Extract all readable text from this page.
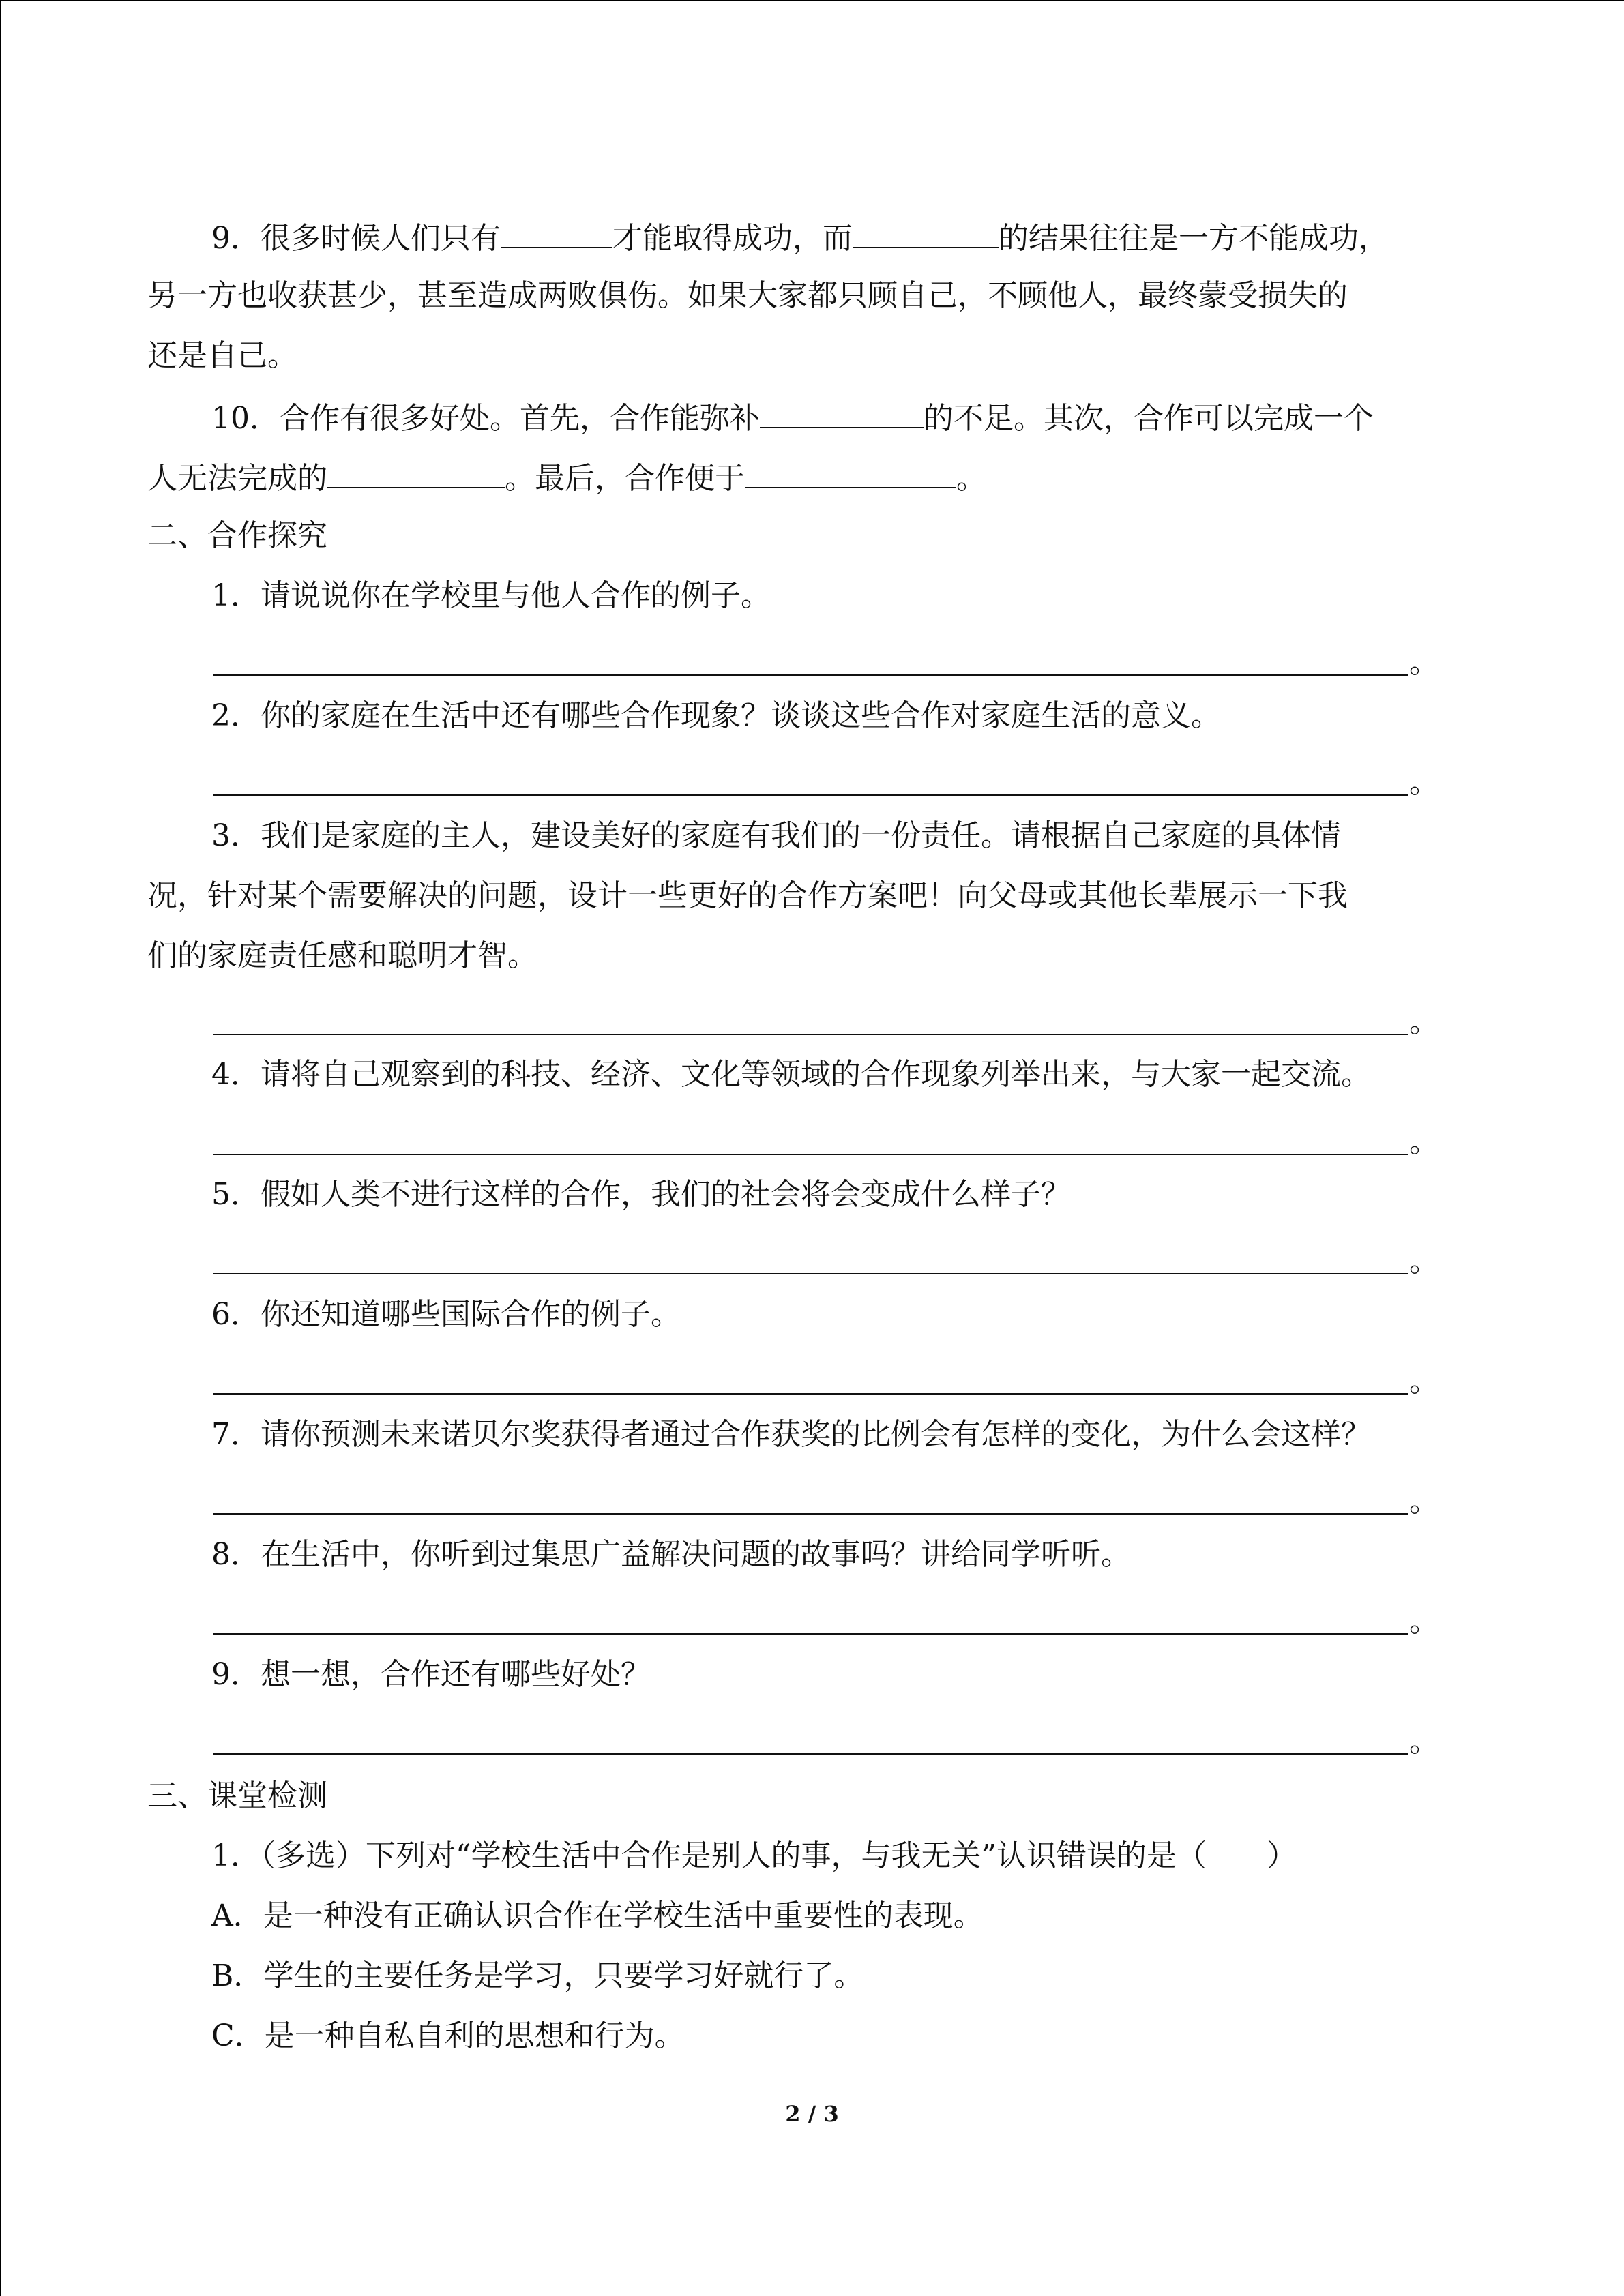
9．很多时候人们只有	才能取得成功，而	的结果往往是一方不能成功，
另一方也收获甚少，甚至造成两败俱伤。如果大家都只顾自己，不顾他人，最终蒙受损失的
还是自己。
10．合作有很多好处。首先，合作能弥补	的不足。其次，合作可以完成一个
人无法完成的	。最后，合作便于	。
二、合作探究
1．请说说你在学校里与他人合作的例子。
。
2．你的家庭在生活中还有哪些合作现象？谈谈这些合作对家庭生活的意义。
。
3．我们是家庭的主人，建设美好的家庭有我们的一份责任。请根据自己家庭的具体情
况，针对某个需要解决的问题，设计一些更好的合作方案吧！向父母或其他长辈展示一下我
们的家庭责任感和聪明才智。
。
4．请将自己观察到的科技、经济、文化等领域的合作现象列举出来，与大家一起交流。
。
5．假如人类不进行这样的合作，我们的社会将会变成什么样子？
。
6．你还知道哪些国际合作的例子。
。
7．请你预测未来诺贝尔奖获得者通过合作获奖的比例会有怎样的变化，为什么会这样？
。
8．在生活中，你听到过集思广益解决问题的故事吗？讲给同学听听。
。
9．想一想，合作还有哪些好处？
。
三、课堂检测
1．（多选）下列对“学校生活中合作是别人的事，与我无关”认识错误的是（　　）
A．是一种没有正确认识合作在学校生活中重要性的表现。
B．学生的主要任务是学习，只要学习好就行了。
C．是一种自私自利的思想和行为。
2 / 3
